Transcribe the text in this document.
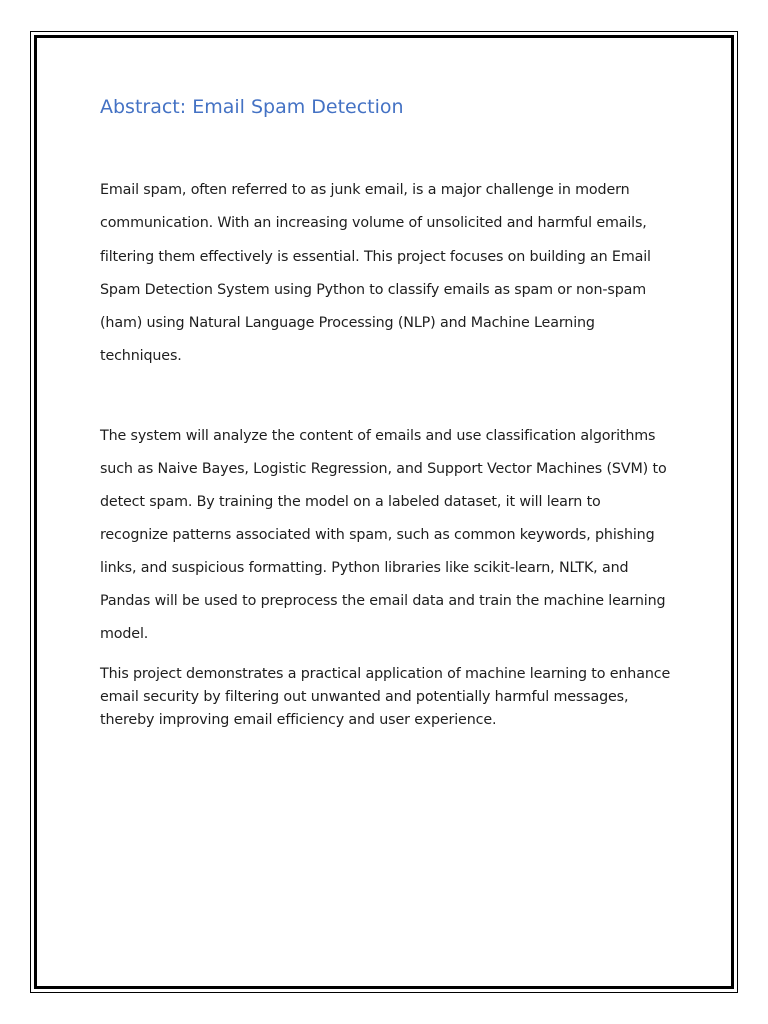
Abstract: Email Spam Detection

Email spam, often referred to as junk email, is a major challenge in modern
communication. With an increasing volume of unsolicited and harmful emails,
filtering them effectively is essential. This project focuses on building an Email
Spam Detection System using Python to classify emails as spam or non-spam
(ham) using Natural Language Processing (NLP) and Machine Learning
techniques.

The system will analyze the content of emails and use classification algorithms
such as Naive Bayes, Logistic Regression, and Support Vector Machines (SVM) to
detect spam. By training the model on a labeled dataset, it will learn to
recognize patterns associated with spam, such as common keywords, phishing
links, and suspicious formatting. Python libraries like scikit-learn, NLTK, and
Pandas will be used to preprocess the email data and train the machine learning
model.

This project demonstrates a practical application of machine learning to enhance
email security by filtering out unwanted and potentially harmful messages,
thereby improving email efficiency and user experience.
